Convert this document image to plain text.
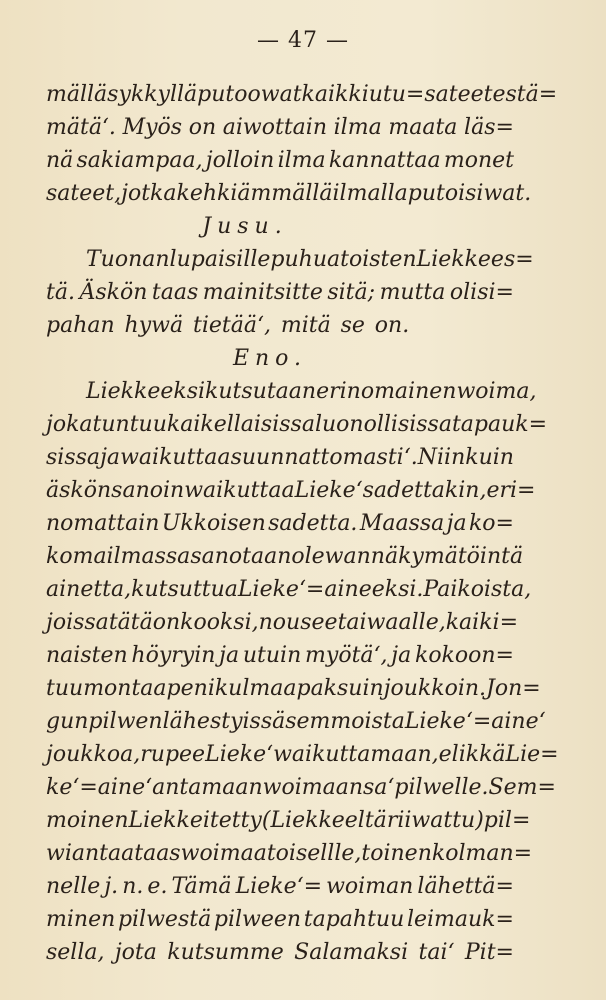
— 47 —
mällä sykkyllä putoowat kaikki utu=sateet estä=
mätä‘. Myös on aiwottain ilma maata läs=
nä sakiampaa, jolloin ilma kannattaa monet
sateet, jotka kehkiämmällä ilmalla putoisiwat.
Jusu.
Tuonan lupaisille puhua toisten Liekkees=
tä. Äskön taas mainitsitte sitä; mutta olisi=
pahan hywä tietää‘, mitä se on.
Eno.
Liekkeeksi kutsutaan erinomainen woima,
joka tuntuu kaikellaisissa luonollisissa tapauk=
sissa ja waikuttaa suunnattomasti‘. Niinkuin
äskön sanoin waikuttaa Lieke‘ sadettakin, eri=
nomattain Ukkoisen sadetta. Maassa ja ko=
ko mailmassa sanotaan olewan näkymätöintä
ainetta, kutsuttua Lieke‘= aineeksi. Paikoista,
joissa tätä on kooksi, nousee taiwaalle, kaiki=
naisten höyryin ja utuin myötä‘, ja kokoon=
tuu montaa penikulmaa paksuin joukkoin. Jon=
gun pilwen lähestyissä semmoista Lieke‘= aine‘
joukkoa, rupee Lieke‘ waikuttamaan, elikkä Lie=
ke‘=aine‘ antamaan woimaansa‘ pilwelle. Sem=
moinen Liekkeitetty (Liekkeeltä riiwattu) pil=
wi antaa taas woimaa toisellle, toinen kolman=
nelle j. n. e. Tämä Lieke‘= woiman lähettä=
minen pilwestä pilween tapahtuu leimauk=
sella, jota kutsumme Salamaksi tai‘ Pit=
